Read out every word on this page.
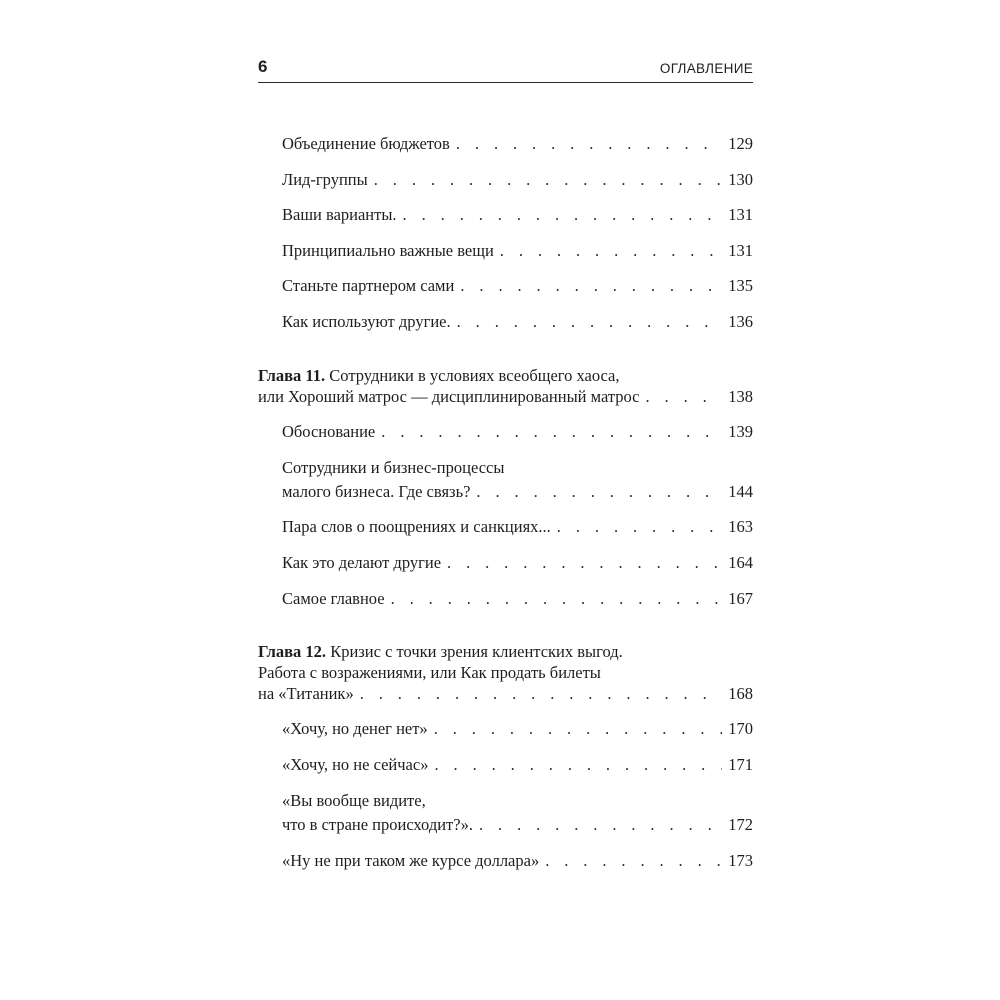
6	ОГЛАВЛЕНИЕ
Объединение бюджетов . . .	129
Лид-группы . . .	130
Ваши варианты. . . .	131
Принципиально важные вещи . . .	131
Станьте партнером сами . . .	135
Как используют другие. . . .	136
Глава 11. Сотрудники в условиях всеобщего хаоса,
или Хороший матрос — дисциплинированный матрос . . .	138
Обоснование . . .	139
Сотрудники и бизнес-процессы
малого бизнеса. Где связь? . . .	144
Пара слов о поощрениях и санкциях... . . .	163
Как это делают другие . . .	164
Самое главное . . .	167
Глава 12. Кризис с точки зрения клиентских выгод.
Работа с возражениями, или Как продать билеты
на «Титаник» . . .	168
«Хочу, но денег нет» . . .	170
«Хочу, но не сейчас» . . .	171
«Вы вообще видите,
что в стране происходит?». . . .	172
«Ну не при таком же курсе доллара» . . .	173
